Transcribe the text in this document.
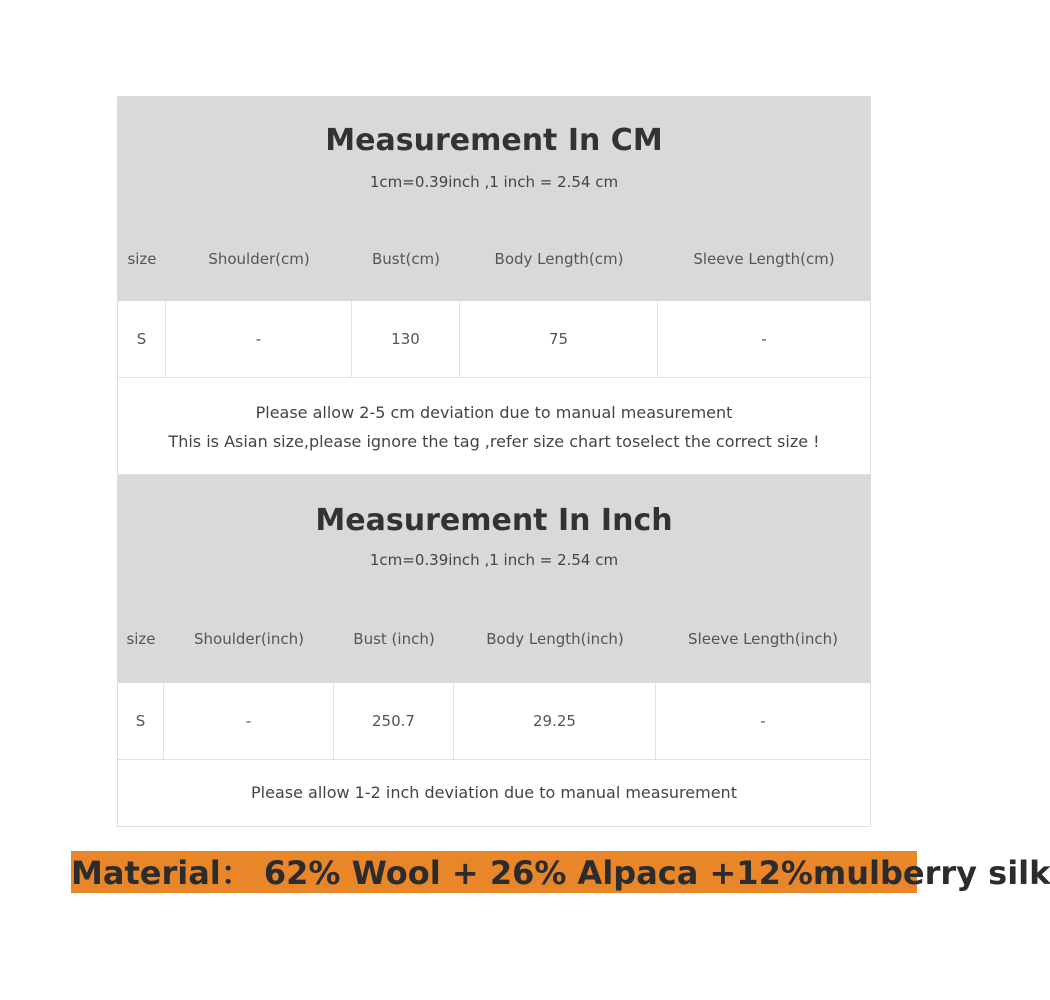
Measurement In CM
1cm=0.39inch ,1 inch = 2.54 cm
size	Shoulder(cm)	Bust(cm)	Body Length(cm)	Sleeve Length(cm)
S	-	130	75	-
Please allow 2-5 cm deviation due to manual measurement
This is Asian size,please ignore the tag ,refer size chart toselect the correct size !
Measurement In Inch
1cm=0.39inch ,1 inch = 2.54 cm
size	Shoulder(inch)	Bust (inch)	Body Length(inch)	Sleeve Length(inch)
S	-	250.7	29.25	-
Please allow 1-2 inch deviation due to manual measurement
Material： 62% Wool + 26% Alpaca +12%mulberry silk
